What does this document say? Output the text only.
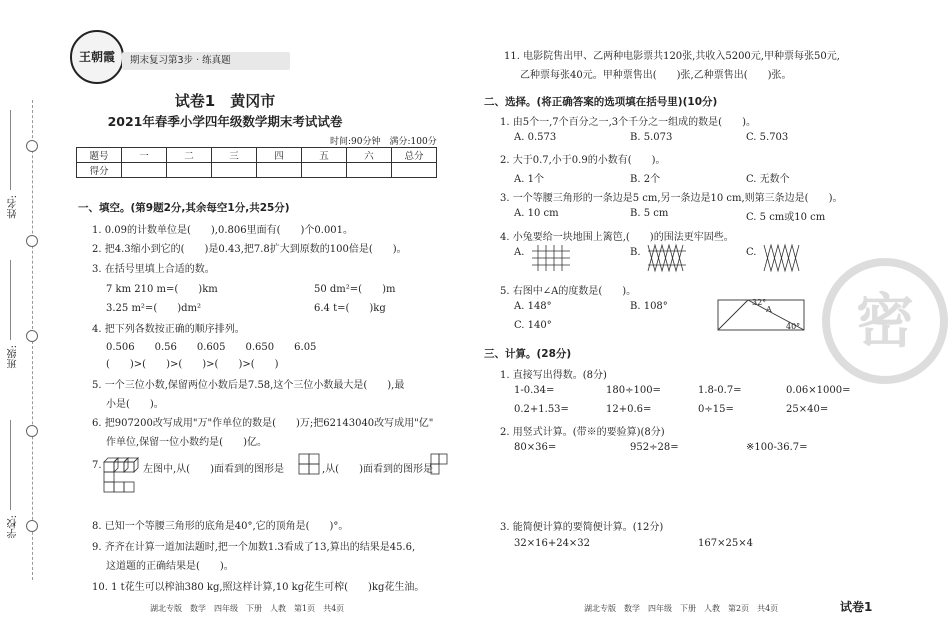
姓名:
班级:
学校:
王朝霞	期末复习第3步 · 练真题
试卷1　黄冈市
2021年春季小学四年级数学期末考试试卷
时间:90分钟　满分:100分
题号	一	二	三	四	五	六	总分
得分							
一、填空。(第9题2分,其余每空1分,共25分)
1. 0.09的计数单位是(　　),0.806里面有(　　)个0.001。
2. 把4.3缩小到它的(　　)是0.43,把7.8扩大到原数的100倍是(　　)。
3. 在括号里填上合适的数。
7 km 210 m=(　　)km	50 dm²=(　　)m
3.25 m²=(　　)dm²	6.4 t=(　　)kg
4. 把下列各数按正确的顺序排列。
0.506　　0.56　　0.605　　0.650　　6.05
(　　)>(　　)>(　　)>(　　)>(　　)
5. 一个三位小数,保留两位小数后是7.58,这个三位小数最大是(　　),最
小是(　　)。
6. 把907200改写成用"万"作单位的数是(　　)万;把62143040改写成用"亿"
作单位,保留一位小数约是(　　)亿。
7.	左图中,从(　　)面看到的图形是	,从(　　)面看到的图形是
8. 已知一个等腰三角形的底角是40°,它的顶角是(　　)°。
9. 齐齐在计算一道加法题时,把一个加数1.3看成了13,算出的结果是45.6,
这道题的正确结果是(　　)。
10. 1 t花生可以榨油380 kg,照这样计算,10 kg花生可榨(　　)kg花生油。
11. 电影院售出甲、乙两种电影票共120张,共收入5200元,甲种票每张50元,
乙种票每张40元。甲种票售出(　　)张,乙种票售出(　　)张。
二、选择。(将正确答案的选项填在括号里)(10分)
1. 由5个一,7个百分之一,3个千分之一组成的数是(　　)。
A. 0.573	B. 5.073	C. 5.703
2. 大于0.7,小于0.9的小数有(　　)。
A. 1个	B. 2个	C. 无数个
3. 一个等腰三角形的一条边是5 cm,另一条边是10 cm,则第三条边是(　　)。
A. 10 cm	B. 5 cm	C. 5 cm或10 cm
4. 小兔要给一块地围上篱笆,(　　)的围法更牢固些。
A.	B.	C.
5. 右图中∠A的度数是(　　)。
A. 148°	B. 108°
C. 140°
32°
A
40°
三、计算。(28分)
1. 直接写出得数。(8分)
1-0.34=	180÷100=	1.8-0.7=	0.06×1000=
0.2+1.53=	12+0.6=	0÷15=	25×40=
2. 用竖式计算。(带※的要验算)(8分)
80×36=	952÷28=	※100-36.7=
3. 能简便计算的要简便计算。(12分)
32×16+24×32	167×25×4
密
湖北专版　数学　四年级　下册　人教　第1页　共4页	湖北专版　数学　四年级　下册　人教　第2页　共4页	试卷1
